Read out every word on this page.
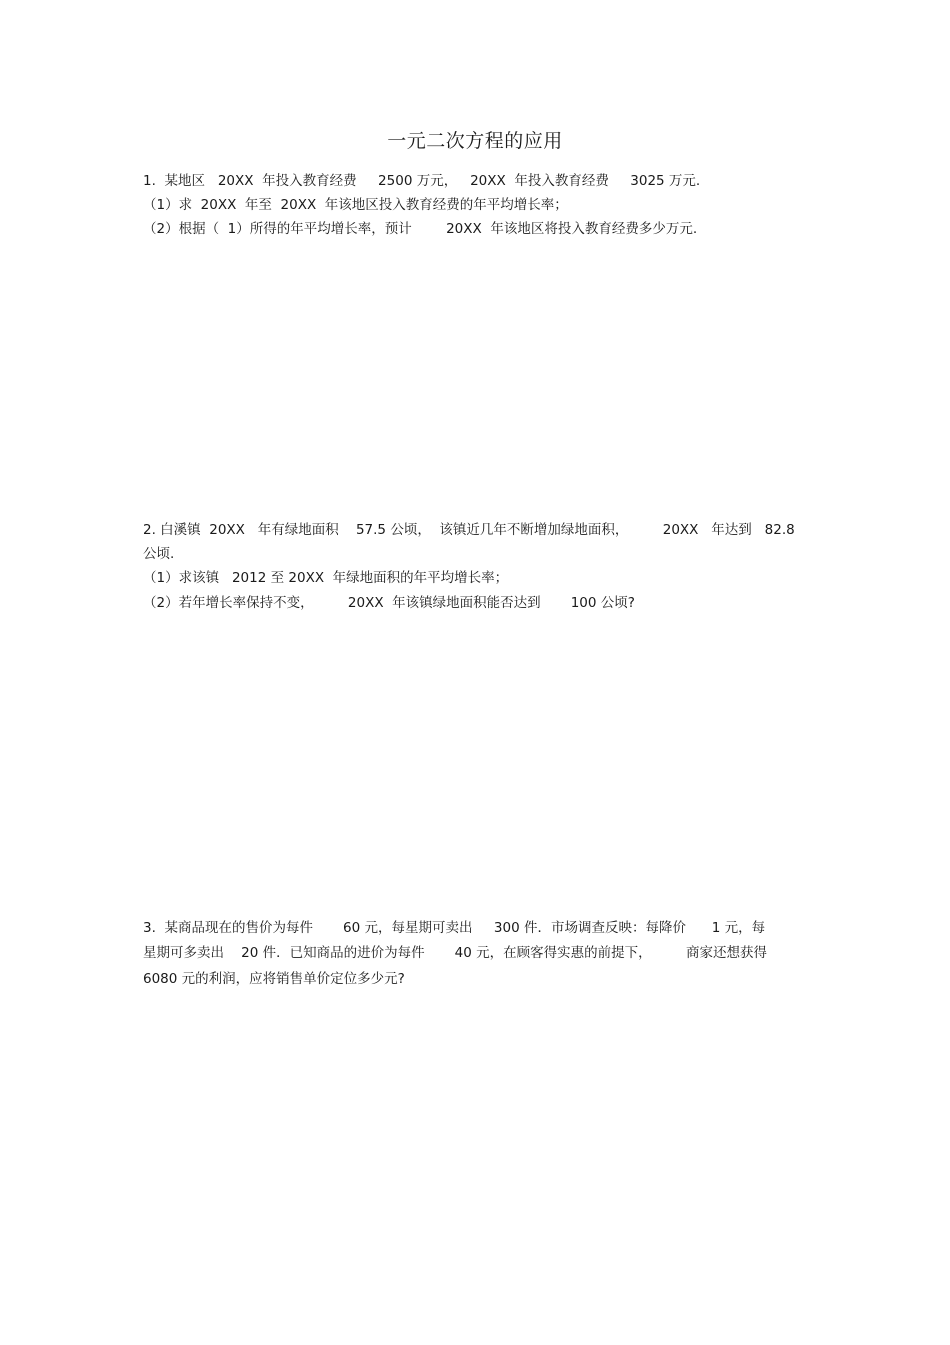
一元二次方程的应用
1.  某地区   20XX  年投入教育经费     2500 万元，   20XX  年投入教育经费     3025 万元.
（1）求  20XX  年至  20XX  年该地区投入教育经费的年平均增长率；
（2）根据（  1）所得的年平均增长率，预计        20XX  年该地区将投入教育经费多少万元.
2. 白溪镇  20XX   年有绿地面积    57.5 公顷，  该镇近几年不断增加绿地面积，        20XX   年达到   82.8
公顷.
（1）求该镇   2012 至 20XX  年绿地面积的年平均增长率；
（2）若年增长率保持不变，        20XX  年该镇绿地面积能否达到       100 公顷?
3.  某商品现在的售价为每件       60 元，每星期可卖出     300 件．市场调查反映：每降价      1 元，每
星期可多卖出    20 件．已知商品的进价为每件       40 元，在顾客得实惠的前提下，        商家还想获得
6080 元的利润，应将销售单价定位多少元?
